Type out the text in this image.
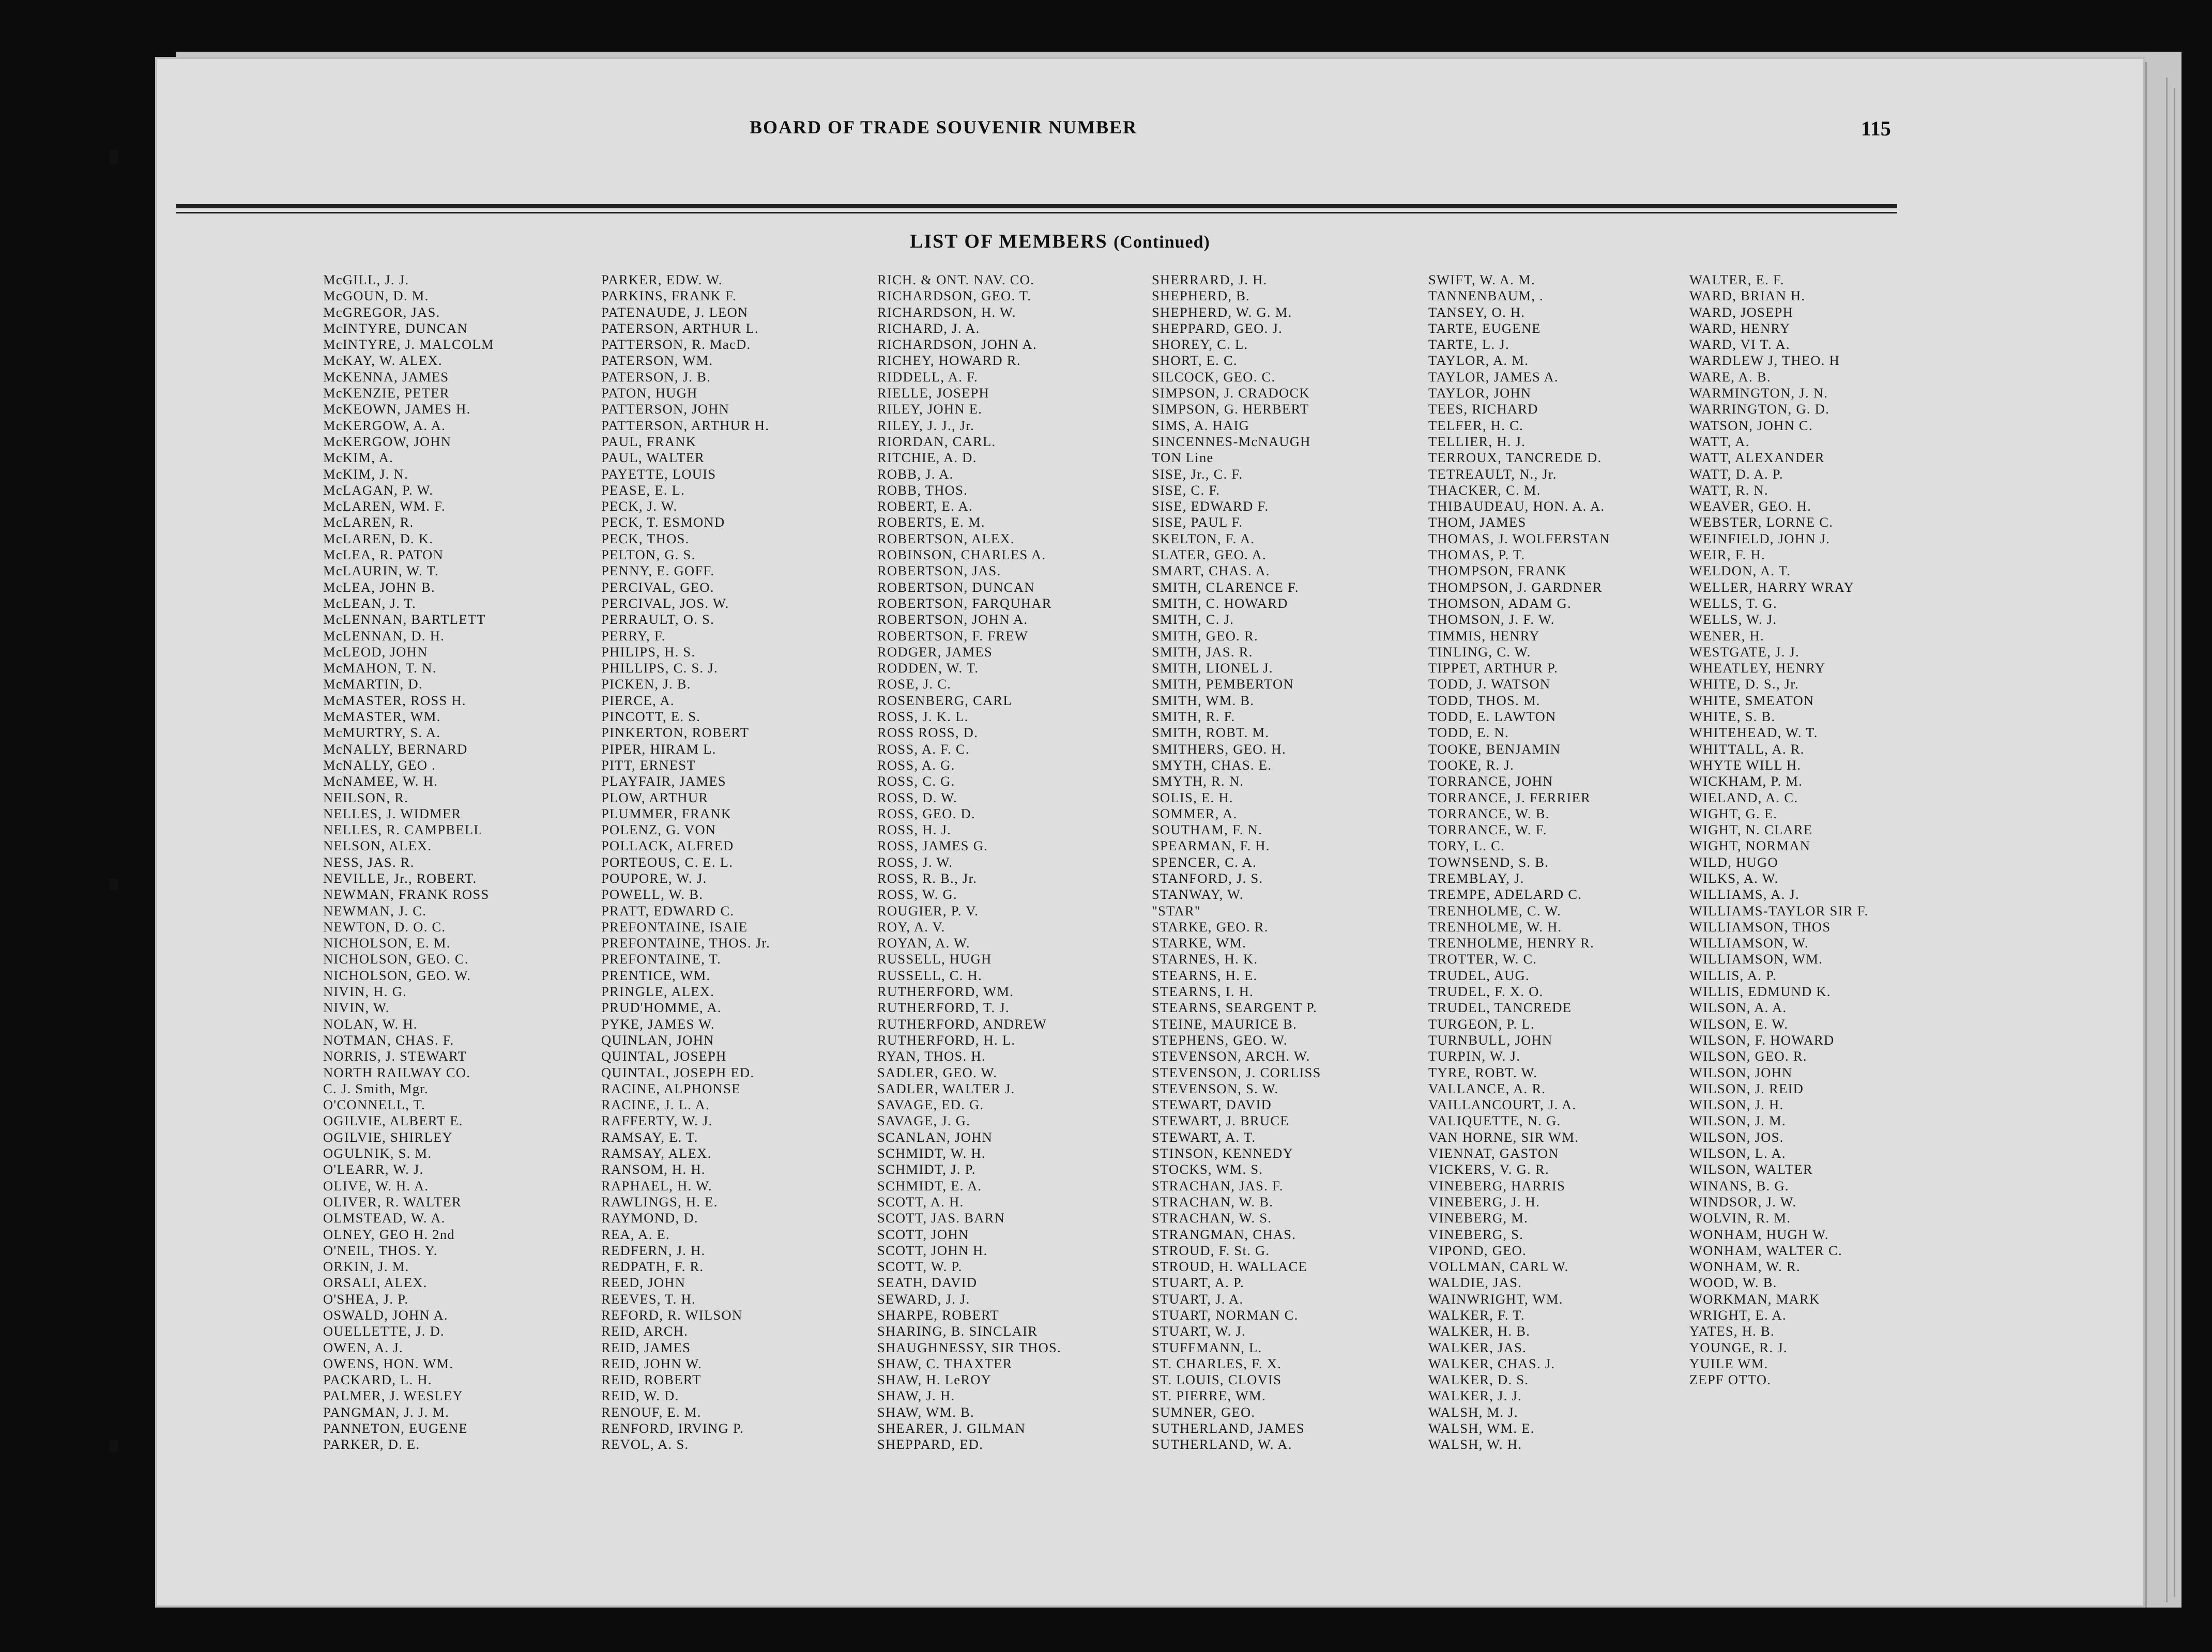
BOARD OF TRADE SOUVENIR NUMBER	115
LIST OF MEMBERS (Continued)
McGILL, J. J.
McGOUN, D. M.
McGREGOR, JAS.
McINTYRE, DUNCAN
McINTYRE, J. MALCOLM
McKAY, W. ALEX.
McKENNA, JAMES
McKENZIE, PETER
McKEOWN, JAMES H.
McKERGOW, A. A.
McKERGOW, JOHN
McKIM, A.
McKIM, J. N.
McLAGAN, P. W.
McLAREN, WM. F.
McLAREN, R.
McLAREN, D. K.
McLEA, R. PATON
McLAURIN, W. T.
McLEA, JOHN B.
McLEAN, J. T.
McLENNAN, BARTLETT
McLENNAN, D. H.
McLEOD, JOHN
McMAHON, T. N.
McMARTIN, D.
McMASTER, ROSS H.
McMASTER, WM.
McMURTRY, S. A.
McNALLY, BERNARD
McNALLY, GEO .
McNAMEE, W. H.
NEILSON, R.
NELLES, J. WIDMER
NELLES, R. CAMPBELL
NELSON, ALEX.
NESS, JAS. R.
NEVILLE, Jr., ROBERT.
NEWMAN, FRANK ROSS
NEWMAN, J. C.
NEWTON, D. O. C.
NICHOLSON, E. M.
NICHOLSON, GEO. C.
NICHOLSON, GEO. W.
NIVIN, H. G.
NIVIN, W.
NOLAN, W. H.
NOTMAN, CHAS. F.
NORRIS, J. STEWART
NORTH RAILWAY CO.
C. J. Smith, Mgr.
O'CONNELL, T.
OGILVIE, ALBERT E.
OGILVIE, SHIRLEY
OGULNIK, S. M.
O'LEARR, W. J.
OLIVE, W. H. A.
OLIVER, R. WALTER
OLMSTEAD, W. A.
OLNEY, GEO H. 2nd
O'NEIL, THOS. Y.
ORKIN, J. M.
ORSALI, ALEX.
O'SHEA, J. P.
OSWALD, JOHN A.
OUELLETTE, J. D.
OWEN, A. J.
OWENS, HON. WM.
PACKARD, L. H.
PALMER, J. WESLEY
PANGMAN, J. J. M.
PANNETON, EUGENE
PARKER, D. E.
PARKER, EDW. W.
PARKINS, FRANK F.
PATENAUDE, J. LEON
PATERSON, ARTHUR L.
PATTERSON, R. MacD.
PATERSON, WM.
PATERSON, J. B.
PATON, HUGH
PATTERSON, JOHN
PATTERSON, ARTHUR H.
PAUL, FRANK
PAUL, WALTER
PAYETTE, LOUIS
PEASE, E. L.
PECK, J. W.
PECK, T. ESMOND
PECK, THOS.
PELTON, G. S.
PENNY, E. GOFF.
PERCIVAL, GEO.
PERCIVAL, JOS. W.
PERRAULT, O. S.
PERRY, F.
PHILIPS, H. S.
PHILLIPS, C. S. J.
PICKEN, J. B.
PIERCE, A.
PINCOTT, E. S.
PINKERTON, ROBERT
PIPER, HIRAM L.
PITT, ERNEST
PLAYFAIR, JAMES
PLOW, ARTHUR
PLUMMER, FRANK
POLENZ, G. VON
POLLACK, ALFRED
PORTEOUS, C. E. L.
POUPORE, W. J.
POWELL, W. B.
PRATT, EDWARD C.
PREFONTAINE, ISAIE
PREFONTAINE, THOS. Jr.
PREFONTAINE, T.
PRENTICE, WM.
PRINGLE, ALEX.
PRUD'HOMME, A.
PYKE, JAMES W.
QUINLAN, JOHN
QUINTAL, JOSEPH
QUINTAL, JOSEPH ED.
RACINE, ALPHONSE
RACINE, J. L. A.
RAFFERTY, W. J.
RAMSAY, E. T.
RAMSAY, ALEX.
RANSOM, H. H.
RAPHAEL, H. W.
RAWLINGS, H. E.
RAYMOND, D.
REA, A. E.
REDFERN, J. H.
REDPATH, F. R.
REED, JOHN
REEVES, T. H.
REFORD, R. WILSON
REID, ARCH.
REID, JAMES
REID, JOHN W.
REID, ROBERT
REID, W. D.
RENOUF, E. M.
RENFORD, IRVING P.
REVOL, A. S.
RICH. & ONT. NAV. CO.
RICHARDSON, GEO. T.
RICHARDSON, H. W.
RICHARD, J. A.
RICHARDSON, JOHN A.
RICHEY, HOWARD R.
RIDDELL, A. F.
RIELLE, JOSEPH
RILEY, JOHN E.
RILEY, J. J., Jr.
RIORDAN, CARL.
RITCHIE, A. D.
ROBB, J. A.
ROBB, THOS.
ROBERT, E. A.
ROBERTS, E. M.
ROBERTSON, ALEX.
ROBINSON, CHARLES A.
ROBERTSON, JAS.
ROBERTSON, DUNCAN
ROBERTSON, FARQUHAR
ROBERTSON, JOHN A.
ROBERTSON, F. FREW
RODGER, JAMES
RODDEN, W. T.
ROSE, J. C.
ROSENBERG, CARL
ROSS, J. K. L.
ROSS ROSS, D.
ROSS, A. F. C.
ROSS, A. G.
ROSS, C. G.
ROSS, D. W.
ROSS, GEO. D.
ROSS, H. J.
ROSS, JAMES G.
ROSS, J. W.
ROSS, R. B., Jr.
ROSS, W. G.
ROUGIER, P. V.
ROY, A. V.
ROYAN, A. W.
RUSSELL, HUGH
RUSSELL, C. H.
RUTHERFORD, WM.
RUTHERFORD, T. J.
RUTHERFORD, ANDREW
RUTHERFORD, H. L.
RYAN, THOS. H.
SADLER, GEO. W.
SADLER, WALTER J.
SAVAGE, ED. G.
SAVAGE, J. G.
SCANLAN, JOHN
SCHMIDT, W. H.
SCHMIDT, J. P.
SCHMIDT, E. A.
SCOTT, A. H.
SCOTT, JAS. BARN
SCOTT, JOHN
SCOTT, JOHN H.
SCOTT, W. P.
SEATH, DAVID
SEWARD, J. J.
SHARPE, ROBERT
SHARING, B. SINCLAIR
SHAUGHNESSY, SIR THOS.
SHAW, C. THAXTER
SHAW, H. LeROY
SHAW, J. H.
SHAW, WM. B.
SHEARER, J. GILMAN
SHEPPARD, ED.
SHERRARD, J. H.
SHEPHERD, B.
SHEPHERD, W. G. M.
SHEPPARD, GEO. J.
SHOREY, C. L.
SHORT, E. C.
SILCOCK, GEO. C.
SIMPSON, J. CRADOCK
SIMPSON, G. HERBERT
SIMS, A. HAIG
SINCENNES-McNAUGH
TON Line
SISE, Jr., C. F.
SISE, C. F.
SISE, EDWARD F.
SISE, PAUL F.
SKELTON, F. A.
SLATER, GEO. A.
SMART, CHAS. A.
SMITH, CLARENCE F.
SMITH, C. HOWARD
SMITH, C. J.
SMITH, GEO. R.
SMITH, JAS. R.
SMITH, LIONEL J.
SMITH, PEMBERTON
SMITH, WM. B.
SMITH, R. F.
SMITH, ROBT. M.
SMITHERS, GEO. H.
SMYTH, CHAS. E.
SMYTH, R. N.
SOLIS, E. H.
SOMMER, A.
SOUTHAM, F. N.
SPEARMAN, F. H.
SPENCER, C. A.
STANFORD, J. S.
STANWAY, W.
"STAR"
STARKE, GEO. R.
STARKE, WM.
STARNES, H. K.
STEARNS, H. E.
STEARNS, I. H.
STEARNS, SEARGENT P.
STEINE, MAURICE B.
STEPHENS, GEO. W.
STEVENSON, ARCH. W.
STEVENSON, J. CORLISS
STEVENSON, S. W.
STEWART, DAVID
STEWART, J. BRUCE
STEWART, A. T.
STINSON, KENNEDY
STOCKS, WM. S.
STRACHAN, JAS. F.
STRACHAN, W. B.
STRACHAN, W. S.
STRANGMAN, CHAS.
STROUD, F. St. G.
STROUD, H. WALLACE
STUART, A. P.
STUART, J. A.
STUART, NORMAN C.
STUART, W. J.
STUFFMANN, L.
ST. CHARLES, F. X.
ST. LOUIS, CLOVIS
ST. PIERRE, WM.
SUMNER, GEO.
SUTHERLAND, JAMES
SUTHERLAND, W. A.
SWIFT, W. A. M.
TANNENBAUM, .
TANSEY, O. H.
TARTE, EUGENE
TARTE, L. J.
TAYLOR, A. M.
TAYLOR, JAMES A.
TAYLOR, JOHN
TEES, RICHARD
TELFER, H. C.
TELLIER, H. J.
TERROUX, TANCREDE D.
TETREAULT, N., Jr.
THACKER, C. M.
THIBAUDEAU, HON. A. A.
THOM, JAMES
THOMAS, J. WOLFERSTAN
THOMAS, P. T.
THOMPSON, FRANK
THOMPSON, J. GARDNER
THOMSON, ADAM G.
THOMSON, J. F. W.
TIMMIS, HENRY
TINLING, C. W.
TIPPET, ARTHUR P.
TODD, J. WATSON
TODD, THOS. M.
TODD, E. LAWTON
TODD, E. N.
TOOKE, BENJAMIN
TOOKE, R. J.
TORRANCE, JOHN
TORRANCE, J. FERRIER
TORRANCE, W. B.
TORRANCE, W. F.
TORY, L. C.
TOWNSEND, S. B.
TREMBLAY, J.
TREMPE, ADELARD C.
TRENHOLME, C. W.
TRENHOLME, W. H.
TRENHOLME, HENRY R.
TROTTER, W. C.
TRUDEL, AUG.
TRUDEL, F. X. O.
TRUDEL, TANCREDE
TURGEON, P. L.
TURNBULL, JOHN
TURPIN, W. J.
TYRE, ROBT. W.
VALLANCE, A. R.
VAILLANCOURT, J. A.
VALIQUETTE, N. G.
VAN HORNE, SIR WM.
VIENNAT, GASTON
VICKERS, V. G. R.
VINEBERG, HARRIS
VINEBERG, J. H.
VINEBERG, M.
VINEBERG, S.
VIPOND, GEO.
VOLLMAN, CARL W.
WALDIE, JAS.
WAINWRIGHT, WM.
WALKER, F. T.
WALKER, H. B.
WALKER, JAS.
WALKER, CHAS. J.
WALKER, D. S.
WALKER, J. J.
WALSH, M. J.
WALSH, WM. E.
WALSH, W. H.
WALTER, E. F.
WARD, BRIAN H.
WARD, JOSEPH
WARD, HENRY
WARD, VI T. A.
WARDLEW J, THEO. H
WARE, A. B.
WARMINGTON, J. N.
WARRINGTON, G. D.
WATSON, JOHN C.
WATT, A.
WATT, ALEXANDER
WATT, D. A. P.
WATT, R. N.
WEAVER, GEO. H.
WEBSTER, LORNE C.
WEINFIELD, JOHN J.
WEIR, F. H.
WELDON, A. T.
WELLER, HARRY WRAY
WELLS, T. G.
WELLS, W. J.
WENER, H.
WESTGATE, J. J.
WHEATLEY, HENRY
WHITE, D. S., Jr.
WHITE, SMEATON
WHITE, S. B.
WHITEHEAD, W. T.
WHITTALL, A. R.
WHYTE WILL H.
WICKHAM, P. M.
WIELAND, A. C.
WIGHT, G. E.
WIGHT, N. CLARE
WIGHT, NORMAN
WILD, HUGO
WILKS, A. W.
WILLIAMS, A. J.
WILLIAMS-TAYLOR SIR F.
WILLIAMSON, THOS
WILLIAMSON, W.
WILLIAMSON, WM.
WILLIS, A. P.
WILLIS, EDMUND K.
WILSON, A. A.
WILSON, E. W.
WILSON, F. HOWARD
WILSON, GEO. R.
WILSON, JOHN
WILSON, J. REID
WILSON, J. H.
WILSON, J. M.
WILSON, JOS.
WILSON, L. A.
WILSON, WALTER
WINANS, B. G.
WINDSOR, J. W.
WOLVIN, R. M.
WONHAM, HUGH W.
WONHAM, WALTER C.
WONHAM, W. R.
WOOD, W. B.
WORKMAN, MARK
WRIGHT, E. A.
YATES, H. B.
YOUNGE, R. J.
YUILE WM.
ZEPF OTTO.
